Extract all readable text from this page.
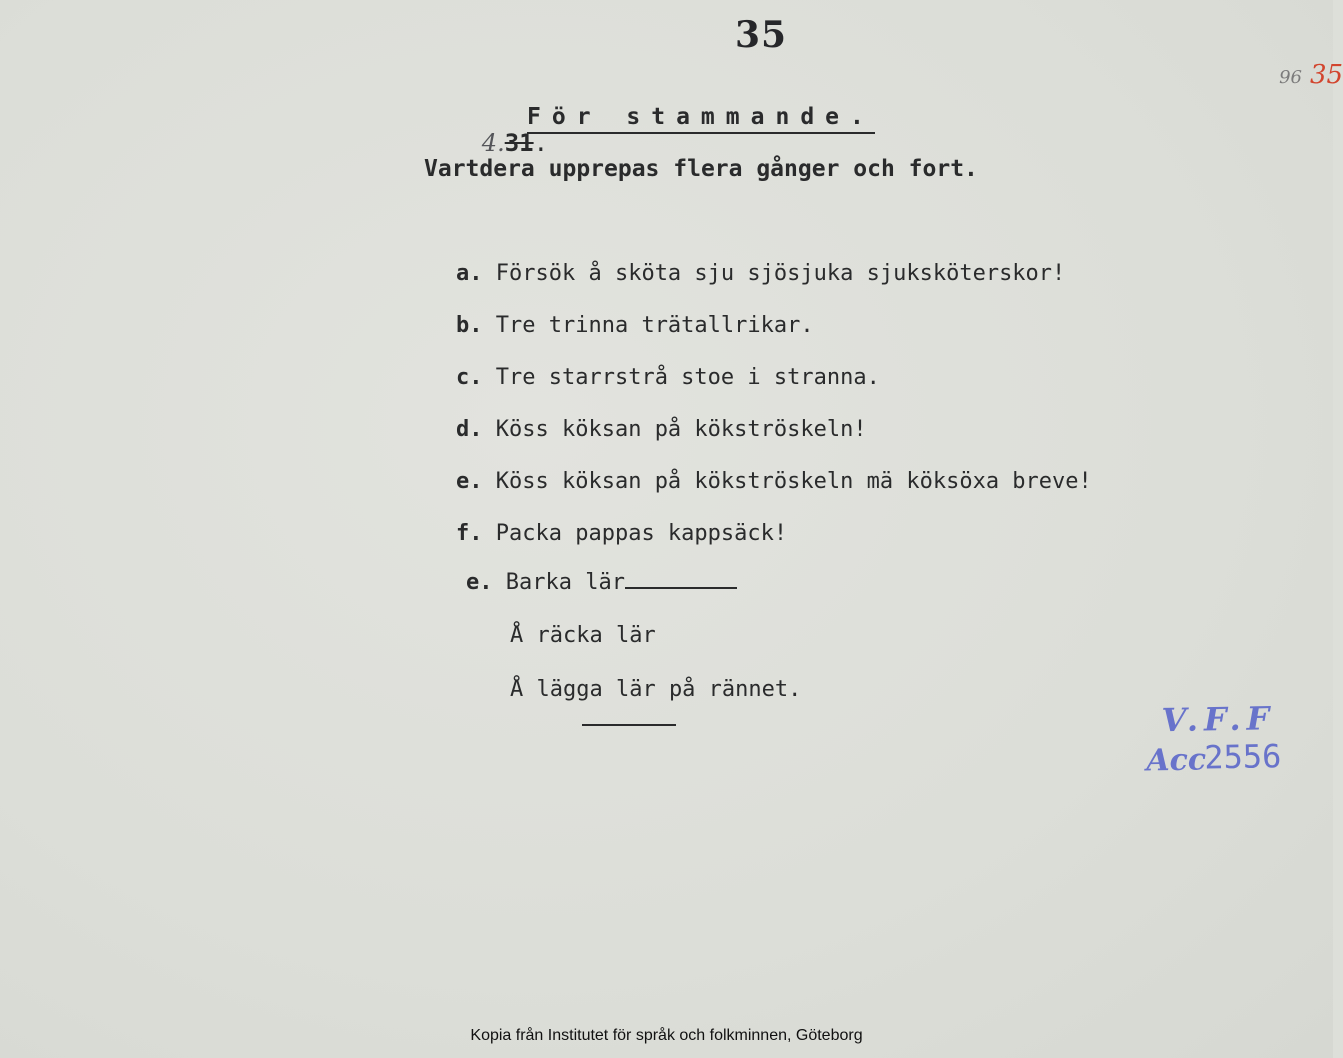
35

96 35

4.31.

För stammande.
Vartdera upprepas flera gånger och fort.
a. Försök å sköta sju sjösjuka sjuksköterskor!
b. Tre trinna trätallrikar.
c. Tre starrstrå stoe i stranna.
d. Köss köksan på kökströskeln!
e. Köss köksan på kökströskeln mä köksöxa breve!
f. Packa pappas kappsäck!
e. Barka lär
Å räcka lär
Å lägga lär på rännet.

V.F.F

Acc

2556

Kopia från Institutet för språk och folkminnen, Göteborg
